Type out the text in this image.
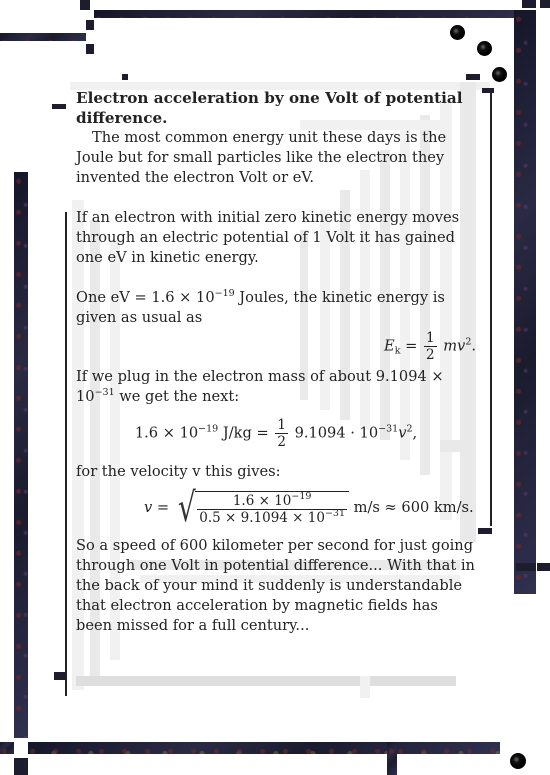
Electron acceleration by one Volt of potential difference.

The most common energy unit these days is the Joule but for small particles like the electron they invented the electron Volt or eV.

If an electron with initial zero kinetic energy moves through an electric potential of 1 Volt it has gained one eV in kinetic energy.

One eV = $1.6 \times 10^{-19}$ Joules, the kinetic energy is given as usual as

$E_k = \frac{1}{2} mv^2$.

If we plug in the electron mass of about $9.1094 \times 10^{-31}$ we get the next:

$1.6 \times 10^{-19}$ $J/kg = \frac{1}{2} 9.1094 \cdot 10^{-31}v^2$,

for the velocity v this gives:

v = √ $\frac{1.6 \times 10^{-19}}{0.5 \times 9.1094 \times 10^{-31}} m/s \approx 600$ km/s.

So a speed of 600 kilometer per second for just going through one Volt in potential difference... With that in the back of your mind it suddenly is understandable that electron acceleration by magnetic fields has been missed for a full century...
